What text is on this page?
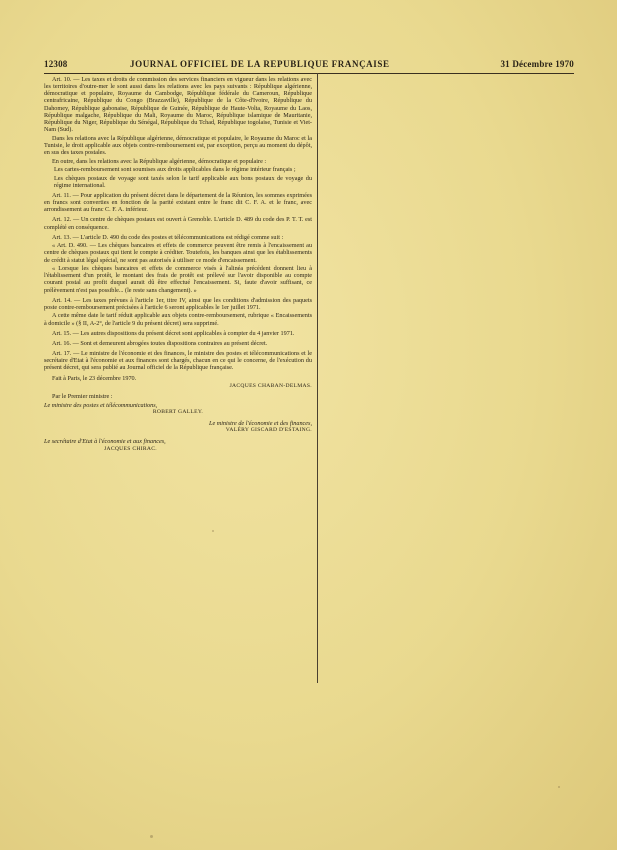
12308	JOURNAL OFFICIEL DE LA REPUBLIQUE FRANÇAISE	31 Décembre 1970

Art. 10. — Les taxes et droits de commission des services financiers en vigueur dans les relations avec les territoires d'outre-mer le sont aussi dans les relations avec les pays suivants : République algérienne, démocratique et populaire, Royaume du Cambodge, République fédérale du Cameroun, République centrafricaine, République du Congo (Brazzaville), République de la Côte-d'Ivoire, République du Dahomey, République gabonaise, République de Guinée, République de Haute-Volta, Royaume du Laos, République malgache, République du Mali, Royaume du Maroc, République islamique de Mauritanie, République du Niger, République du Sénégal, République du Tchad, République togolaise, Tunisie et Viet-Nam (Sud).

Dans les relations avec la République algérienne, démocratique et populaire, le Royaume du Maroc et la Tunisie, le droit applicable aux objets contre-remboursement est, par exception, perçu au moment du dépôt, en sus des taxes postales.

En outre, dans les relations avec la République algérienne, démocratique et populaire :

Les cartes-remboursement sont soumises aux droits applicables dans le régime intérieur français ;

Les chèques postaux de voyage sont taxés selon le tarif applicable aux bons postaux de voyage du régime international.

Art. 11. — Pour application du présent décret dans le département de la Réunion, les sommes exprimées en francs sont converties en fonction de la parité existant entre le franc dit C. F. A. et le franc, avec arrondissement au franc C. F. A. inférieur.

Art. 12. — Un centre de chèques postaux est ouvert à Grenoble. L'article D. 489 du code des P. T. T. est complété en conséquence.

Art. 13. — L'article D. 490 du code des postes et télécommunications est rédigé comme suit :

« Art. D. 490. — Les chèques bancaires et effets de commerce peuvent être remis à l'encaissement au centre de chèques postaux qui tient le compte à créditer. Toutefois, les banques ainsi que les établissements de crédit à statut légal spécial, ne sont pas autorisés à utiliser ce mode d'encaissement.

« Lorsque les chèques bancaires et effets de commerce visés à l'alinéa précédent donnent lieu à l'établissement d'un protêt, le montant des frais de protêt est prélevé sur l'avoir disponible au compte courant postal au profit duquel aurait dû être effectué l'encaissement. Si, faute d'avoir suffisant, ce prélèvement n'est pas possible... (le reste sans changement). »

Art. 14. — Les taxes prévues à l'article 1er, titre IV, ainsi que les conditions d'admission des paquets poste contre-remboursement précisées à l'article 6 seront applicables le 1er juillet 1971.

A cette même date le tarif réduit applicable aux objets contre-remboursement, rubrique « Encaissements à domicile » (§ II, A-2°, de l'article 9 du présent décret) sera supprimé.

Art. 15. — Les autres dispositions du présent décret sont applicables à compter du 4 janvier 1971.

Art. 16. — Sont et demeurent abrogées toutes dispositions contraires au présent décret.

Art. 17. — Le ministre de l'économie et des finances, le ministre des postes et télécommunications et le secrétaire d'Etat à l'économie et aux finances sont chargés, chacun en ce qui le concerne, de l'exécution du présent décret, qui sera publié au Journal officiel de la République française.

Fait à Paris, le 23 décembre 1970.

JACQUES CHABAN-DELMAS.

Par le Premier ministre :

Le ministre des postes et télécommunications,
ROBERT GALLEY.
Le ministre de l'économie et des finances,
VALÉRY GISCARD D'ESTAING.
Le secrétaire d'Etat à l'économie et aux finances,
JACQUES CHIRAC.
